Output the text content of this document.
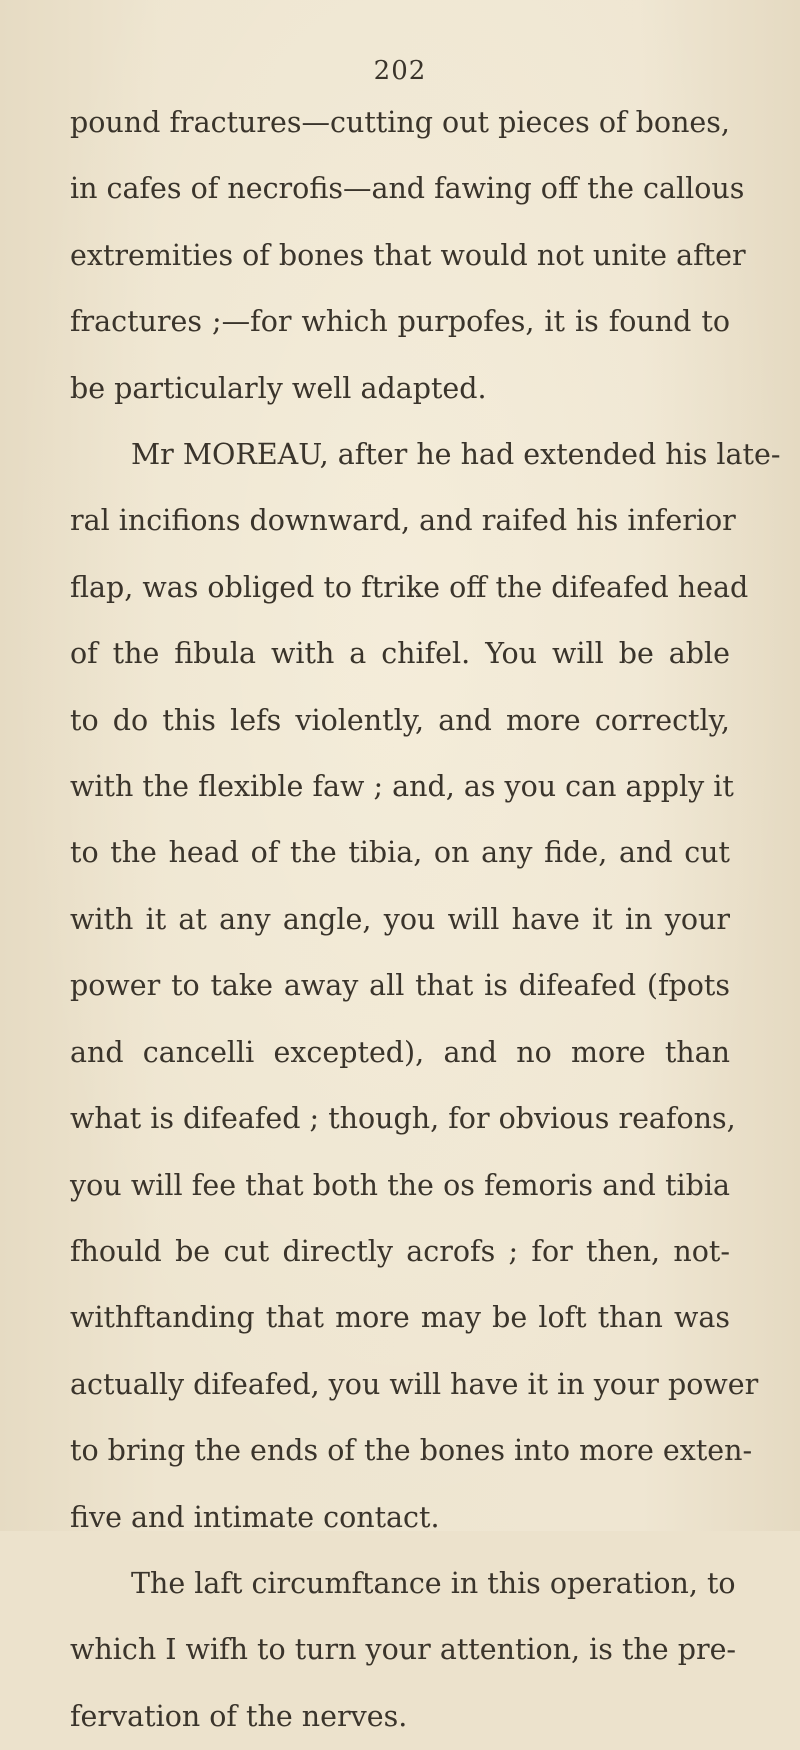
202
pound fractures—cutting out pieces of bones,
in cafes of necrofis—and fawing off the callous
extremities of bones that would not unite after
fractures ;—for which purpofes, it is found to
be particularly well adapted.
Mr MOREAU, after he had extended his late-
ral incifions downward, and raifed his inferior
flap, was obliged to ftrike off the difeafed head
of the fibula with a chifel. You will be able
to do this lefs violently, and more correctly,
with the flexible faw ; and, as you can apply it
to the head of the tibia, on any fide, and cut
with it at any angle, you will have it in your
power to take away all that is difeafed (fpots
and cancelli excepted), and no more than
what is difeafed ; though, for obvious reafons,
you will fee that both the os femoris and tibia
fhould be cut directly acrofs ; for then, not-
withftanding that more may be loft than was
actually difeafed, you will have it in your power
to bring the ends of the bones into more exten-
five and intimate contact.
The laft circumftance in this operation, to
which I wifh to turn your attention, is the pre-
fervation of the nerves.
